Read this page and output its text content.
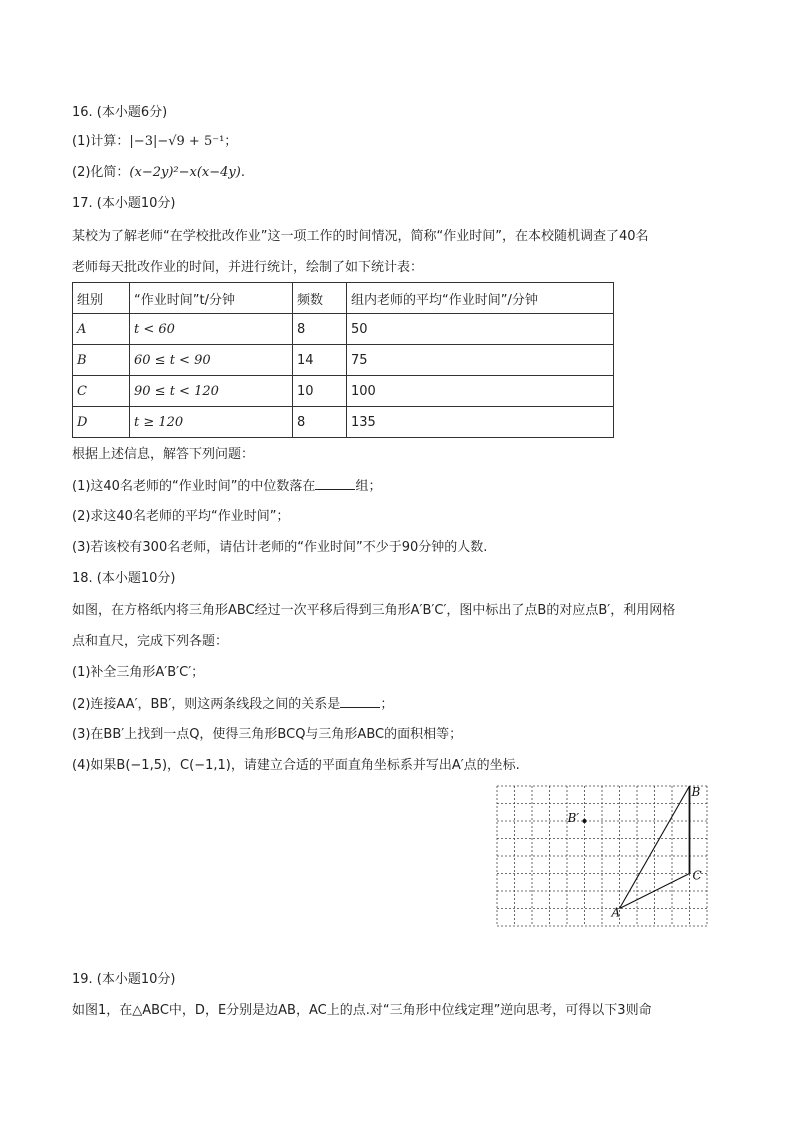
16. (本小题6分)
(1)计算：|−3|−√9 + 5⁻¹；
(2)化简：(x−2y)²−x(x−4y).
17. (本小题10分)
某校为了解老师“在学校批改作业”这一项工作的时间情况，简称“作业时间”，在本校随机调查了40名
老师每天批改作业的时间，并进行统计，绘制了如下统计表：
组别	“作业时间”t/分钟	频数	组内老师的平均“作业时间”/分钟
A	t < 60	8	50
B	60 ≤ t < 90	14	75
C	90 ≤ t < 120	10	100
D	t ≥ 120	8	135
根据上述信息，解答下列问题：
(1)这40名老师的“作业时间”的中位数落在	组；
(2)求这40名老师的平均“作业时间”；
(3)若该校有300名老师，请估计老师的“作业时间”不少于90分钟的人数.
18. (本小题10分)
如图，在方格纸内将三角形ABC经过一次平移后得到三角形A′B′C′，图中标出了点B的对应点B′，利用网格
点和直尺，完成下列各题：
(1)补全三角形A′B′C′；
(2)连接AA′，BB′，则这两条线段之间的关系是	；
(3)在BB′上找到一点Q，使得三角形BCQ与三角形ABC的面积相等；
(4)如果B(−1,5)，C(−1,1)，请建立合适的平面直角坐标系并写出A′点的坐标.
B
C
A
B′
19. (本小题10分)
如图1，在△ABC中，D，E分别是边AB，AC上的点.对“三角形中位线定理”逆向思考，可得以下3则命
